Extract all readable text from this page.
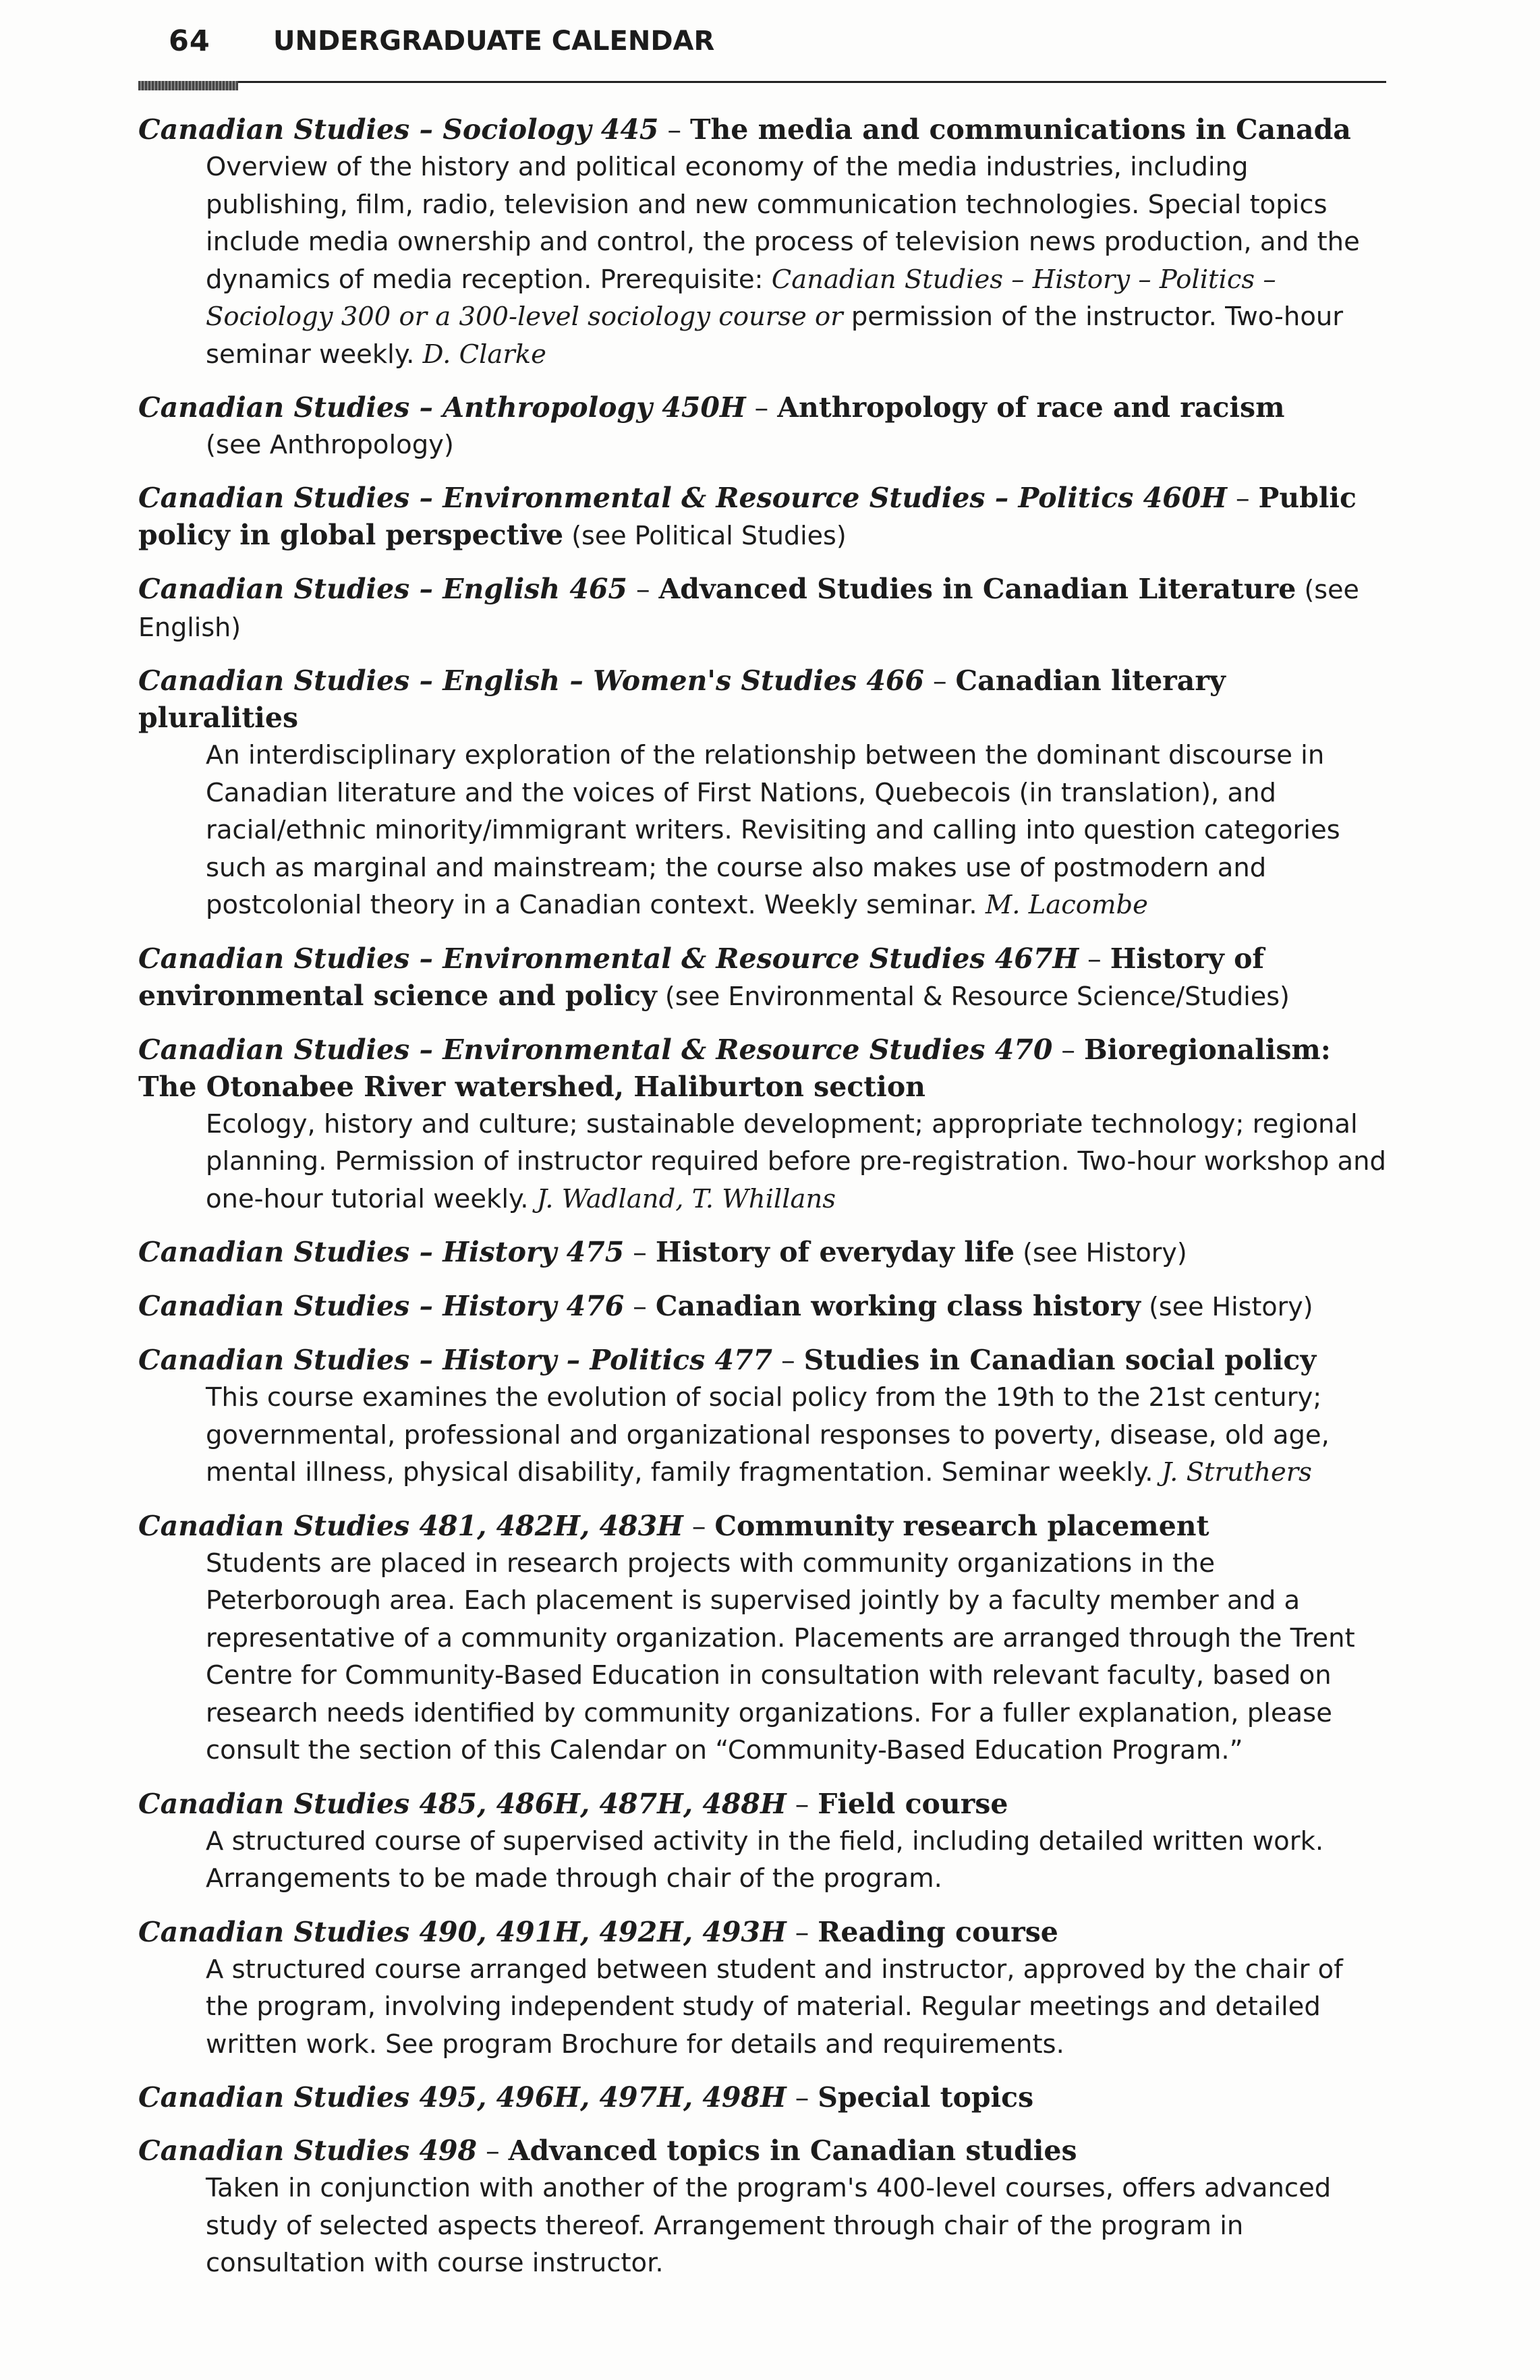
64 UNDERGRADUATE CALENDAR
Canadian Studies – Sociology 445 – The media and communications in Canada
Overview of the history and political economy of the media industries, including publishing, film, radio, television and new communication technologies. Special topics include media ownership and control, the process of television news production, and the dynamics of media reception. Prerequisite: Canadian Studies – History – Politics – Sociology 300 or a 300-level sociology course or permission of the instructor. Two-hour seminar weekly. D. Clarke
Canadian Studies – Anthropology 450H – Anthropology of race and racism
(see Anthropology)
Canadian Studies – Environmental & Resource Studies – Politics 460H – Public policy in global perspective (see Political Studies)
Canadian Studies – English 465 – Advanced Studies in Canadian Literature (see English)
Canadian Studies – English – Women's Studies 466 – Canadian literary pluralities
An interdisciplinary exploration of the relationship between the dominant discourse in Canadian literature and the voices of First Nations, Quebecois (in translation), and racial/ethnic minority/immigrant writers. Revisiting and calling into question categories such as marginal and mainstream; the course also makes use of postmodern and postcolonial theory in a Canadian context. Weekly seminar. M. Lacombe
Canadian Studies – Environmental & Resource Studies 467H – History of environmental science and policy (see Environmental & Resource Science/Studies)
Canadian Studies – Environmental & Resource Studies 470 – Bioregionalism: The Otonabee River watershed, Haliburton section
Ecology, history and culture; sustainable development; appropriate technology; regional planning. Permission of instructor required before pre-registration. Two-hour workshop and one-hour tutorial weekly. J. Wadland, T. Whillans
Canadian Studies – History 475 – History of everyday life (see History)
Canadian Studies – History 476 – Canadian working class history (see History)
Canadian Studies – History – Politics 477 – Studies in Canadian social policy
This course examines the evolution of social policy from the 19th to the 21st century; governmental, professional and organizational responses to poverty, disease, old age, mental illness, physical disability, family fragmentation. Seminar weekly. J. Struthers
Canadian Studies 481, 482H, 483H – Community research placement
Students are placed in research projects with community organizations in the Peterborough area. Each placement is supervised jointly by a faculty member and a representative of a community organization. Placements are arranged through the Trent Centre for Community-Based Education in consultation with relevant faculty, based on research needs identified by community organizations. For a fuller explanation, please consult the section of this Calendar on “Community-Based Education Program.”
Canadian Studies 485, 486H, 487H, 488H – Field course
A structured course of supervised activity in the field, including detailed written work. Arrangements to be made through chair of the program.
Canadian Studies 490, 491H, 492H, 493H – Reading course
A structured course arranged between student and instructor, approved by the chair of the program, involving independent study of material. Regular meetings and detailed written work. See program Brochure for details and requirements.
Canadian Studies 495, 496H, 497H, 498H – Special topics
Canadian Studies 498 – Advanced topics in Canadian studies
Taken in conjunction with another of the program's 400-level courses, offers advanced study of selected aspects thereof. Arrangement through chair of the program in consultation with course instructor.
